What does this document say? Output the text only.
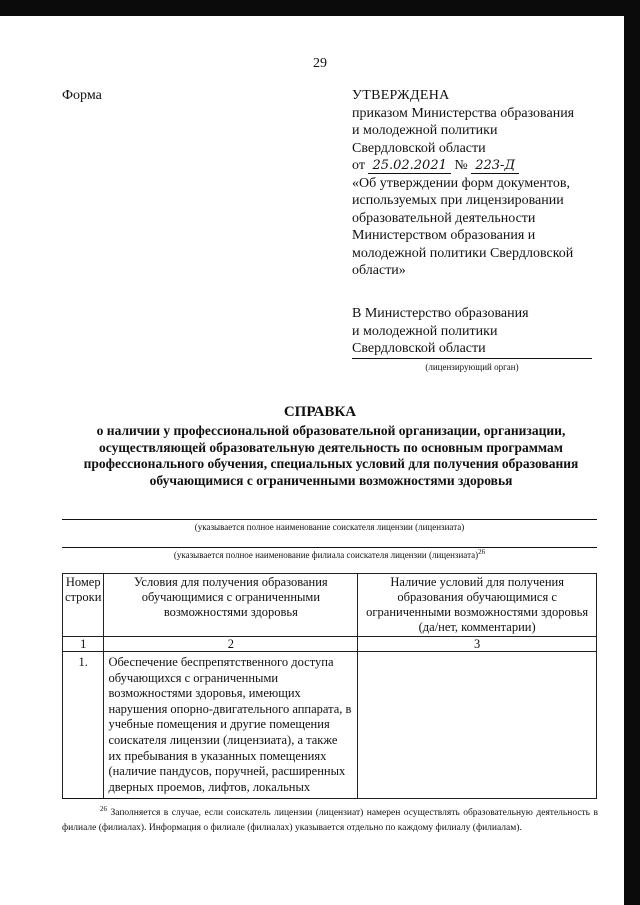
29
Форма	УТВЕРЖДЕНА
приказом Министерства образования
и молодежной политики
Свердловской области
от 25.02.2021 № 223-Д
«Об утверждении форм документов,
используемых при лицензировании
образовательной деятельности
Министерством образования и
молодежной политики Свердловской
области»
В Министерство образования
и молодежной политики
Свердловской области
(лицензирующий орган)
СПРАВКА
о наличии у профессиональной образовательной организации, организации, осуществляющей образовательную деятельность по основным программам профессионального обучения, специальных условий для получения образования обучающимися с ограниченными возможностями здоровья
(указывается полное наименование соискателя лицензии (лицензиата)
(указывается полное наименование филиала соискателя лицензии (лицензиата)$^{26}$
Номер строки	Условия для получения образования обучающимися с ограниченными возможностями здоровья	Наличие условий для получения образования обучающимися с ограниченными возможностями здоровья (да/нет, комментарии)
1	2	3
1.	Обеспечение беспрепятственного доступа обучающихся с ограниченными возможностями здоровья, имеющих нарушения опорно-двигательного аппарата, в учебные помещения и другие помещения соискателя лицензии (лицензиата), а также их пребывания в указанных помещениях (наличие пандусов, поручней, расширенных дверных проемов, лифтов, локальных	
$^{26}$ Заполняется в случае, если соискатель лицензии (лицензиат) намерен осуществлять образовательную деятельность в филиале (филиалах). Информация о филиале (филиалах) указывается отдельно по каждому филиалу (филиалам).
